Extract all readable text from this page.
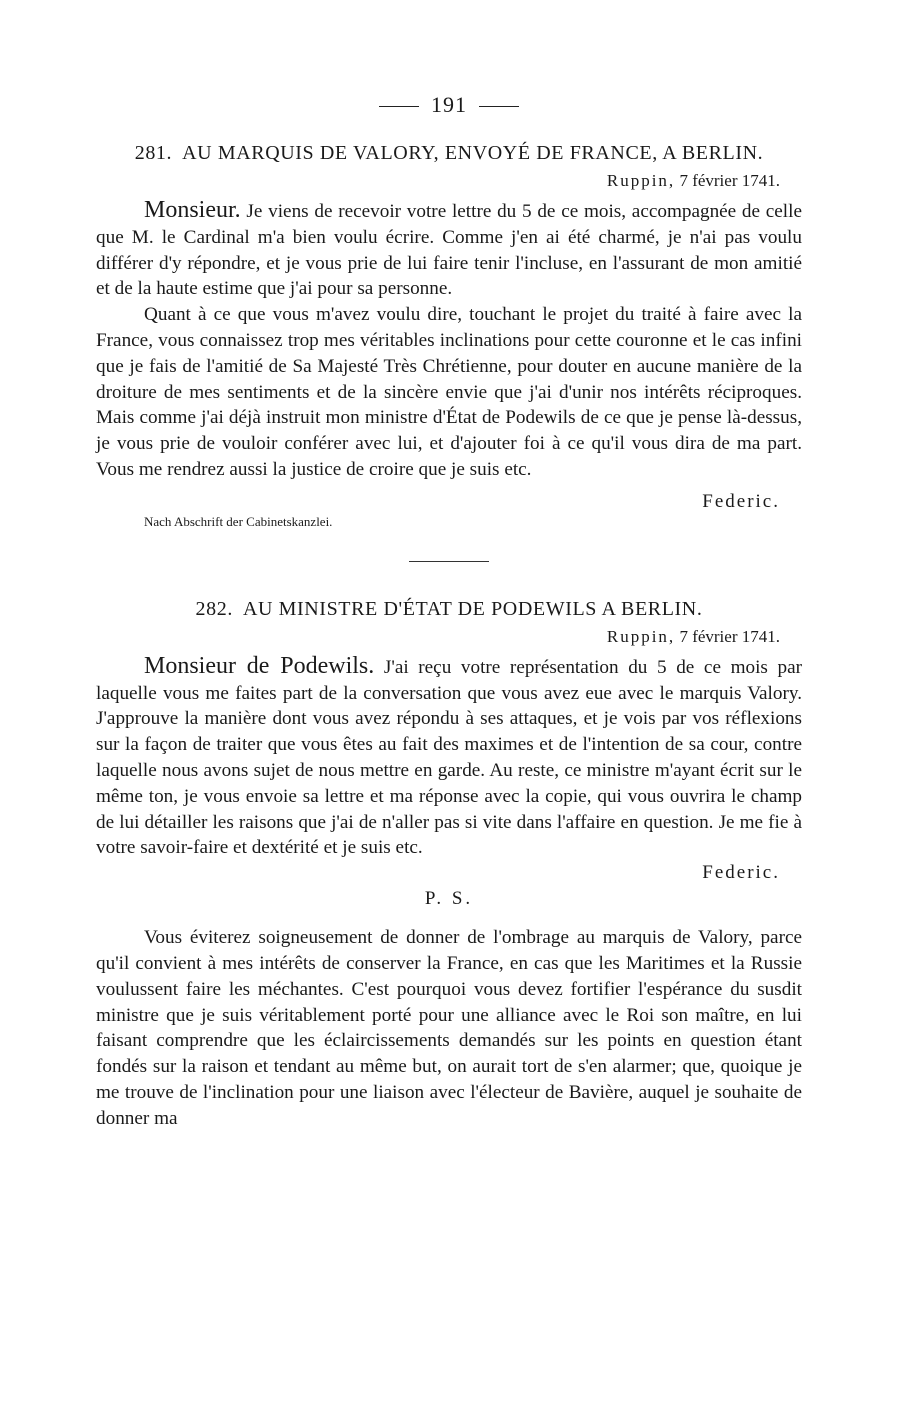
191

281. AU MARQUIS DE VALORY, ENVOYÉ DE FRANCE, A BERLIN.

Ruppin, 7 février 1741.

Monsieur. Je viens de recevoir votre lettre du 5 de ce mois, accompagnée de celle que M. le Cardinal m'a bien voulu écrire. Comme j'en ai été charmé, je n'ai pas voulu différer d'y répondre, et je vous prie de lui faire tenir l'incluse, en l'assurant de mon amitié et de la haute estime que j'ai pour sa personne.

Quant à ce que vous m'avez voulu dire, touchant le projet du traité à faire avec la France, vous connaissez trop mes véritables inclinations pour cette couronne et le cas infini que je fais de l'amitié de Sa Majesté Très Chrétienne, pour douter en aucune manière de la droiture de mes sentiments et de la sincère envie que j'ai d'unir nos intérêts réciproques. Mais comme j'ai déjà instruit mon ministre d'État de Podewils de ce que je pense là-dessus, je vous prie de vouloir conférer avec lui, et d'ajouter foi à ce qu'il vous dira de ma part. Vous me rendrez aussi la justice de croire que je suis etc.

Federic.

Nach Abschrift der Cabinetskanzlei.

282. AU MINISTRE D'ÉTAT DE PODEWILS A BERLIN.

Ruppin, 7 février 1741.

Monsieur de Podewils. J'ai reçu votre représentation du 5 de ce mois par laquelle vous me faites part de la conversation que vous avez eue avec le marquis Valory. J'approuve la manière dont vous avez répondu à ses attaques, et je vois par vos réflexions sur la façon de traiter que vous êtes au fait des maximes et de l'intention de sa cour, contre laquelle nous avons sujet de nous mettre en garde. Au reste, ce ministre m'ayant écrit sur le même ton, je vous envoie sa lettre et ma réponse avec la copie, qui vous ouvrira le champ de lui détailler les raisons que j'ai de n'aller pas si vite dans l'affaire en question. Je me fie à votre savoir-faire et dextérité et je suis etc.

Federic.

P. S.

Vous éviterez soigneusement de donner de l'ombrage au marquis de Valory, parce qu'il convient à mes intérêts de conserver la France, en cas que les Maritimes et la Russie voulussent faire les méchantes. C'est pourquoi vous devez fortifier l'espérance du susdit ministre que je suis véritablement porté pour une alliance avec le Roi son maître, en lui faisant comprendre que les éclaircissements demandés sur les points en question étant fondés sur la raison et tendant au même but, on aurait tort de s'en alarmer; que, quoique je me trouve de l'inclination pour une liaison avec l'électeur de Bavière, auquel je souhaite de donner ma
